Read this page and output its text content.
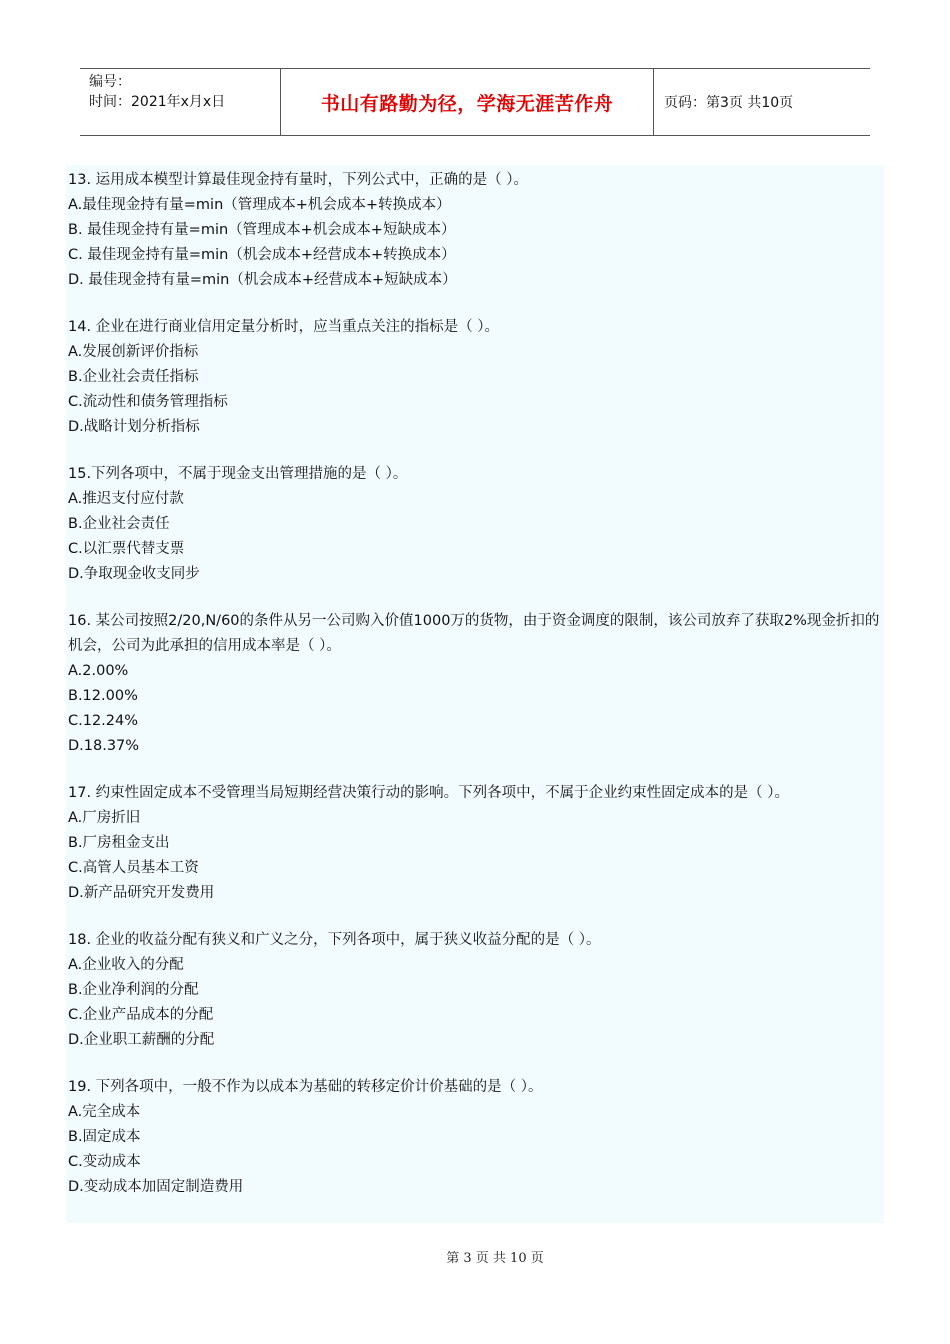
编号：
时间：2021年x月x日	书山有路勤为径，学海无涯苦作舟	页码：第3页 共10页
13. 运用成本模型计算最佳现金持有量时，下列公式中，正确的是（ ）。
A.最佳现金持有量=min（管理成本+机会成本+转换成本）
B. 最佳现金持有量=min（管理成本+机会成本+短缺成本）
C. 最佳现金持有量=min（机会成本+经营成本+转换成本）
D. 最佳现金持有量=min（机会成本+经营成本+短缺成本）
14. 企业在进行商业信用定量分析时，应当重点关注的指标是（ ）。
A.发展创新评价指标
B.企业社会责任指标
C.流动性和债务管理指标
D.战略计划分析指标
15.下列各项中，不属于现金支出管理措施的是（ ）。
A.推迟支付应付款
B.企业社会责任
C.以汇票代替支票
D.争取现金收支同步
16. 某公司按照2/20,N/60的条件从另一公司购入价值1000万的货物，由于资金调度的限制，该公司放弃了获取2%现金折扣的机会，公司为此承担的信用成本率是（ ）。
A.2.00%
B.12.00%
C.12.24%
D.18.37%
17. 约束性固定成本不受管理当局短期经营决策行动的影响。下列各项中，不属于企业约束性固定成本的是（ ）。
A.厂房折旧
B.厂房租金支出
C.高管人员基本工资
D.新产品研究开发费用
18. 企业的收益分配有狭义和广义之分，下列各项中，属于狭义收益分配的是（ ）。
A.企业收入的分配
B.企业净利润的分配
C.企业产品成本的分配
D.企业职工薪酬的分配
19. 下列各项中，一般不作为以成本为基础的转移定价计价基础的是（ ）。
A.完全成本
B.固定成本
C.变动成本
D.变动成本加固定制造费用
第 3 页 共 10 页
